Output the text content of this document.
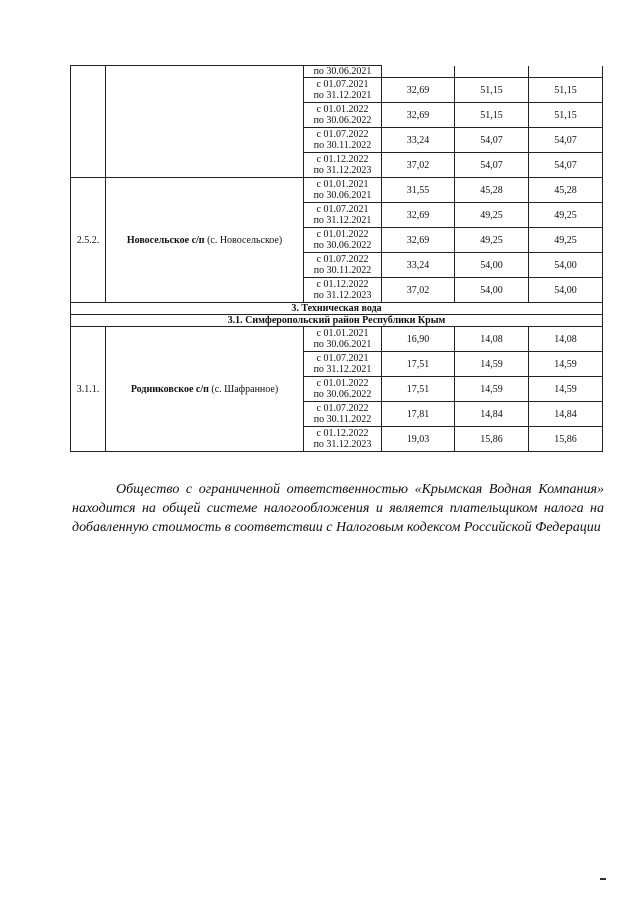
		по 30.06.2021			
		с 01.07.2021
по 31.12.2021	32,69	51,15	51,15
		с 01.01.2022
по 30.06.2022	32,69	51,15	51,15
		с 01.07.2022
по 30.11.2022	33,24	54,07	54,07
		с 01.12.2022
по 31.12.2023	37,02	54,07	54,07
2.5.2.	Новосельское с/п (с. Новосельское)	с 01.01.2021
по 30.06.2021	31,55	45,28	45,28
		с 01.07.2021
по 31.12.2021	32,69	49,25	49,25
		с 01.01.2022
по 30.06.2022	32,69	49,25	49,25
		с 01.07.2022
по 30.11.2022	33,24	54,00	54,00
		с 01.12.2022
по 31.12.2023	37,02	54,00	54,00
3. Техническая вода					
3.1. Симферопольский район Республики Крым					
3.1.1.	Родниковское с/п (с. Шафранное)	с 01.01.2021
по 30.06.2021	16,90	14,08	14,08
		с 01.07.2021
по 31.12.2021	17,51	14,59	14,59
		с 01.01.2022
по 30.06.2022	17,51	14,59	14,59
		с 01.07.2022
по 30.11.2022	17,81	14,84	14,84
		с 01.12.2022
по 31.12.2023	19,03	15,86	15,86

Общество с ограниченной ответственностью «Крымская Водная Компания» находится на общей системе налогообложения и является плательщиком налога на добавленную стоимость в соответствии с Налоговым кодексом Российской Федерации
